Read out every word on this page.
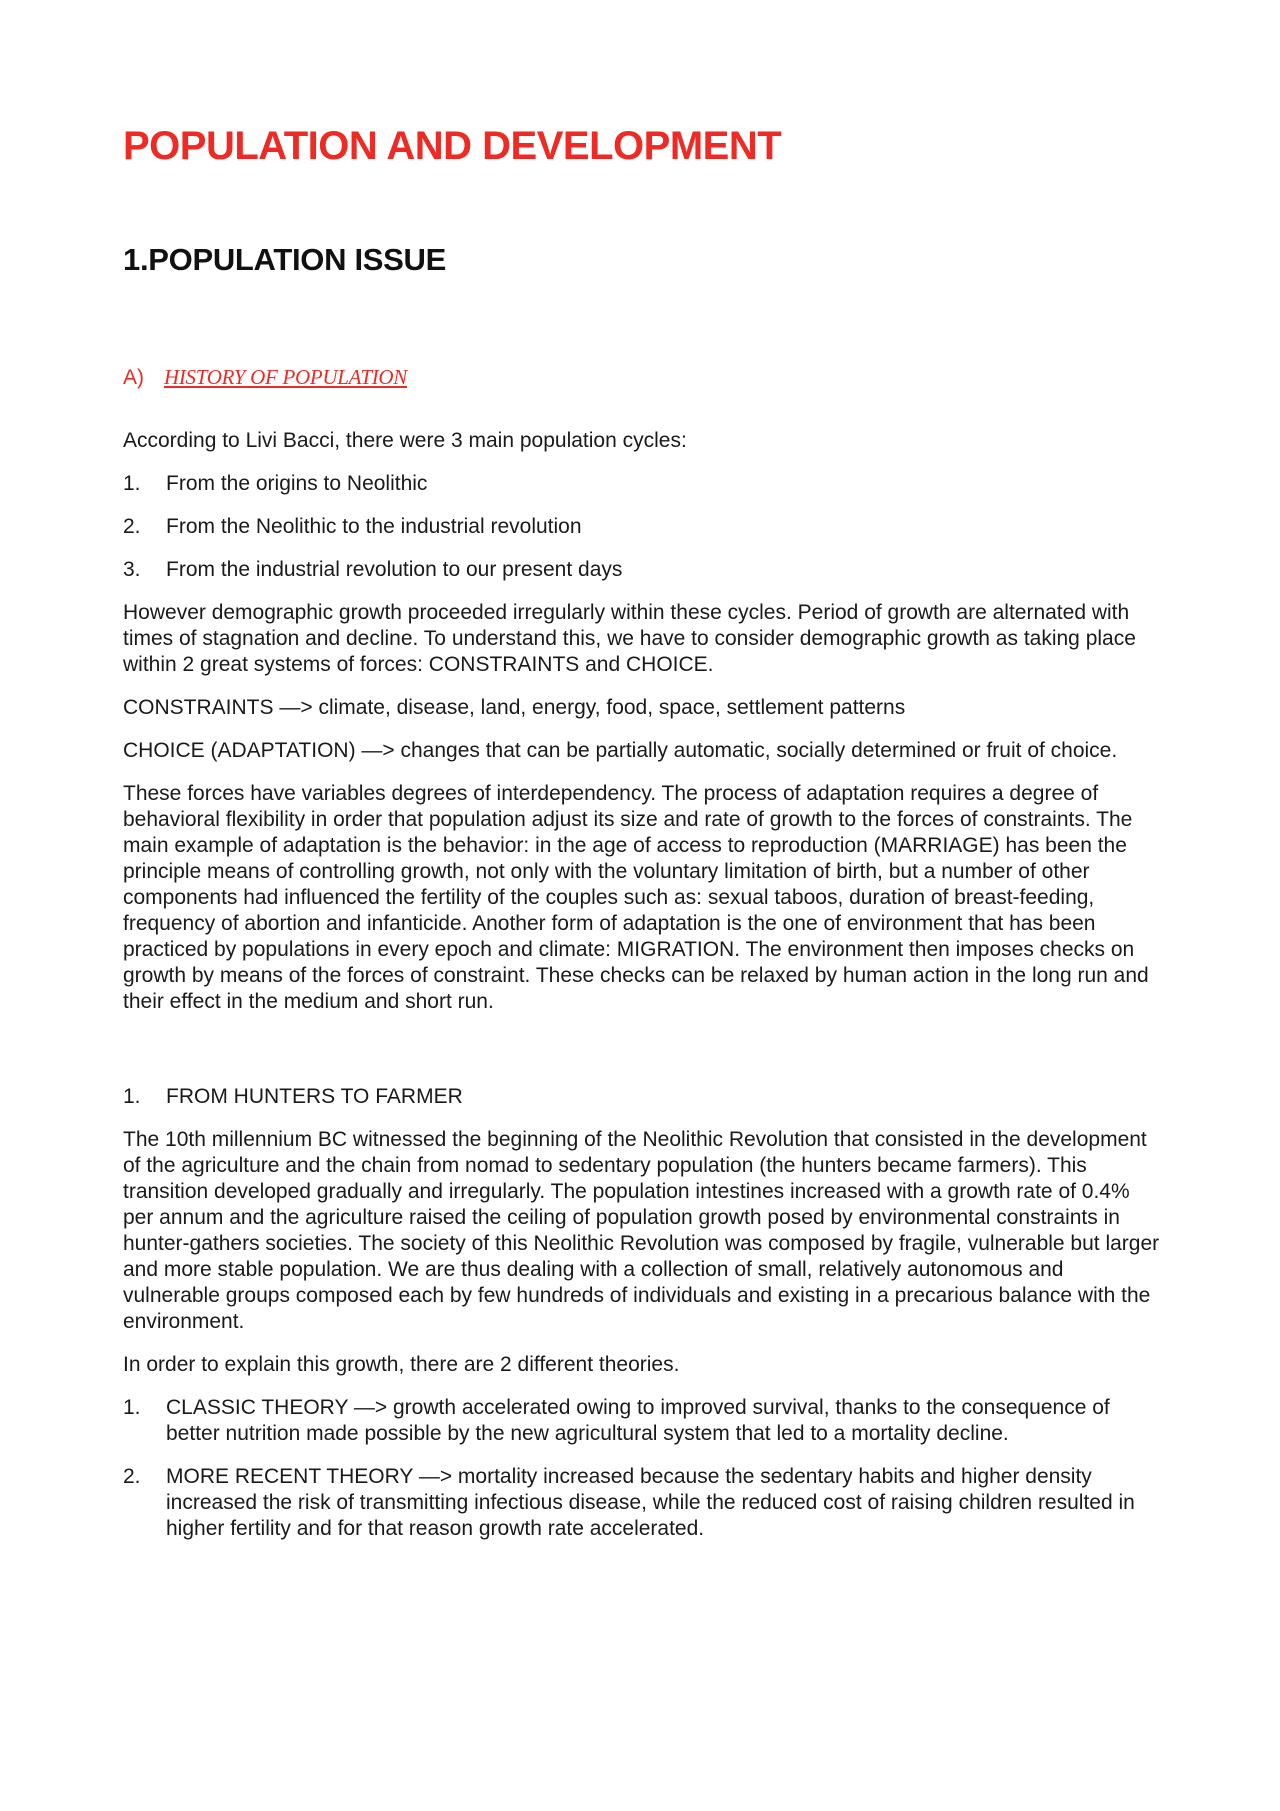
POPULATION AND DEVELOPMENT
1.POPULATION ISSUE
A) HISTORY OF POPULATION

According to Livi Bacci, there were 3 main population cycles:

1.	From the origins to Neolithic
2.	From the Neolithic to the industrial revolution
3.	From the industrial revolution to our present days

However demographic growth proceeded irregularly within these cycles. Period of growth are alternated with times of stagnation and decline. To understand this, we have to consider demographic growth as taking place within 2 great systems of forces: CONSTRAINTS and CHOICE.

CONSTRAINTS —> climate, disease, land, energy, food, space, settlement patterns

CHOICE (ADAPTATION) —> changes that can be partially automatic, socially determined or fruit of choice.

These forces have variables degrees of interdependency. The process of adaptation requires a degree of behavioral flexibility in order that population adjust its size and rate of growth to the forces of constraints. The main example of adaptation is the behavior: in the age of access to reproduction (MARRIAGE) has been the principle means of controlling growth, not only with the voluntary limitation of birth, but a number of other components had influenced the fertility of the couples such as: sexual taboos, duration of breast-feeding, frequency of abortion and infanticide. Another form of adaptation is the one of environment that has been practiced by populations in every epoch and climate: MIGRATION. The environment then imposes checks on growth by means of the forces of constraint. These checks can be relaxed by human action in the long run and their effect in the medium and short run.

1.	FROM HUNTERS TO FARMER

The 10th millennium BC witnessed the beginning of the Neolithic Revolution that consisted in the development of the agriculture and the chain from nomad to sedentary population (the hunters became farmers). This transition developed gradually and irregularly. The population intestines increased with a growth rate of 0.4% per annum and the agriculture raised the ceiling of population growth posed by environmental constraints in hunter-gathers societies. The society of this Neolithic Revolution was composed by fragile, vulnerable but larger and more stable population. We are thus dealing with a collection of small, relatively autonomous and vulnerable groups composed each by few hundreds of individuals and existing in a precarious balance with the environment.

In order to explain this growth, there are 2 different theories.

1.	CLASSIC THEORY —> growth accelerated owing to improved survival, thanks to the consequence of better nutrition made possible by the new agricultural system that led to a mortality decline.
2.	MORE RECENT THEORY —> mortality increased because the sedentary habits and higher density increased the risk of transmitting infectious disease, while the reduced cost of raising children resulted in higher fertility and for that reason growth rate accelerated.
